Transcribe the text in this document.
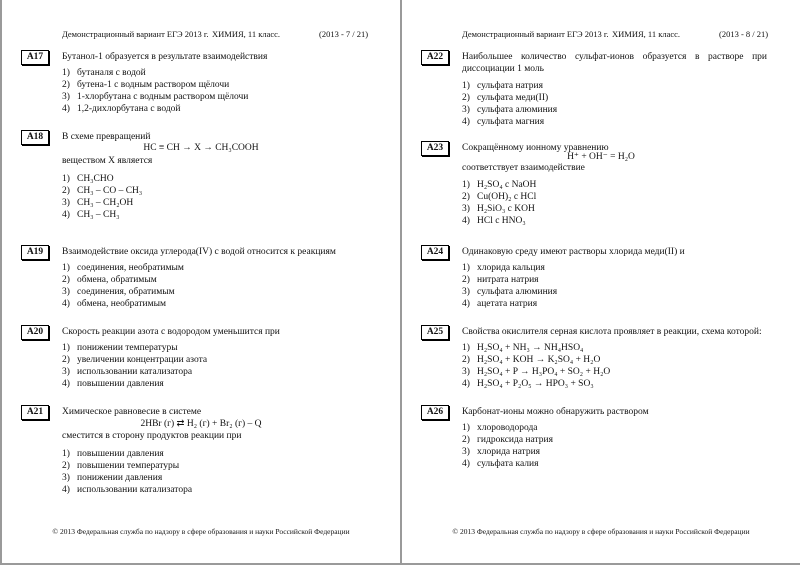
Демонстрационный вариант ЕГЭ 2013 г. ХИМИЯ, 11 класс.	(2013 - 7 / 21)
A17	Бутанол-1 образуется в результате взаимодействия
1) бутаналя с водой
2) бутена-1 с водным раствором щёлочи
3) 1-хлорбутана с водным раствором щёлочи
4) 1,2-дихлорбутана с водой
A18	В схеме превращений
HC ≡ CH → X → CH₃COOH
веществом X является
1) CH₃CHO
2) CH₃ – CO – CH₃
3) CH₃ – CH₂OH
4) CH₃ – CH₃
A19	Взаимодействие оксида углерода(IV) с водой относится к реакциям
1) соединения, необратимым
2) обмена, обратимым
3) соединения, обратимым
4) обмена, необратимым
A20	Скорость реакции азота с водородом уменьшится при
1) понижении температуры
2) увеличении концентрации азота
3) использовании катализатора
4) повышении давления
A21	Химическое равновесие в системе
2HBr (г) ⇄ H₂ (г) + Br₂ (г) – Q
сместится в сторону продуктов реакции при
1) повышении давления
2) повышении температуры
3) понижении давления
4) использовании катализатора
© 2013 Федеральная служба по надзору в сфере образования и науки Российской Федерации
Демонстрационный вариант ЕГЭ 2013 г. ХИМИЯ, 11 класс.	(2013 - 8 / 21)
A22	Наибольшее количество сульфат-ионов образуется в растворе при диссоциации 1 моль
1) сульфата натрия
2) сульфата меди(II)
3) сульфата алюминия
4) сульфата магния
A23	Сокращённому ионному уравнению
H⁺ + OH⁻ = H₂O
соответствует взаимодействие
1) H₂SO₄ с NaOH
2) Cu(OH)₂ с HCl
3) H₂SiO₃ с KOH
4) HCl с HNO₃
A24	Одинаковую среду имеют растворы хлорида меди(II) и
1) хлорида кальция
2) нитрата натрия
3) сульфата алюминия
4) ацетата натрия
A25	Свойства окислителя серная кислота проявляет в реакции, схема которой:
1) H₂SO₄ + NH₃ → NH₄HSO₄
2) H₂SO₄ + KOH → K₂SO₄ + H₂O
3) H₂SO₄ + P → H₃PO₄ + SO₂ + H₂O
4) H₂SO₄ + P₂O₅ → HPO₃ + SO₃
A26	Карбонат-ионы можно обнаружить раствором
1) хлороводорода
2) гидроксида натрия
3) хлорида натрия
4) сульфата калия
© 2013 Федеральная служба по надзору в сфере образования и науки Российской Федерации
